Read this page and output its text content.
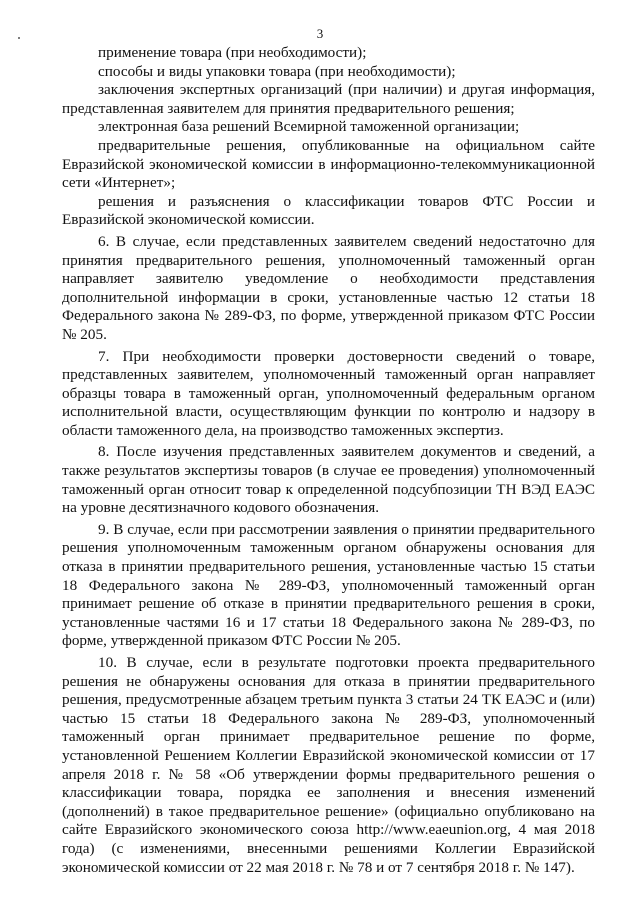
3

применение товара (при необходимости);

способы и виды упаковки товара (при необходимости);

заключения экспертных организаций (при наличии) и другая информация, представленная заявителем для принятия предварительного решения;

электронная база решений Всемирной таможенной организации;

предварительные решения, опубликованные на официальном сайте Евразийской экономической комиссии в информационно-телекоммуникационной сети «Интернет»;

решения и разъяснения о классификации товаров ФТС России и Евразийской экономической комиссии.

6. В случае, если представленных заявителем сведений недостаточно для принятия предварительного решения, уполномоченный таможенный орган направляет заявителю уведомление о необходимости представления дополнительной информации в сроки, установленные частью 12 статьи 18 Федерального закона № 289-ФЗ, по форме, утвержденной приказом ФТС России № 205.

7. При необходимости проверки достоверности сведений о товаре, представленных заявителем, уполномоченный таможенный орган направляет образцы товара в таможенный орган, уполномоченный федеральным органом исполнительной власти, осуществляющим функции по контролю и надзору в области таможенного дела, на производство таможенных экспертиз.

8. После изучения представленных заявителем документов и сведений, а также результатов экспертизы товаров (в случае ее проведения) уполномоченный таможенный орган относит товар к определенной подсубпозиции ТН ВЭД ЕАЭС на уровне десятизначного кодового обозначения.

9. В случае, если при рассмотрении заявления о принятии предварительного решения уполномоченным таможенным органом обнаружены основания для отказа в принятии предварительного решения, установленные частью 15 статьи 18 Федерального закона № 289-ФЗ, уполномоченный таможенный орган принимает решение об отказе в принятии предварительного решения в сроки, установленные частями 16 и 17 статьи 18 Федерального закона № 289-ФЗ, по форме, утвержденной приказом ФТС России № 205.

10. В случае, если в результате подготовки проекта предварительного решения не обнаружены основания для отказа в принятии предварительного решения, предусмотренные абзацем третьим пункта 3 статьи 24 ТК ЕАЭС и (или) частью 15 статьи 18 Федерального закона № 289-ФЗ, уполномоченный таможенный орган принимает предварительное решение по форме, установленной Решением Коллегии Евразийской экономической комиссии от 17 апреля 2018 г. № 58 «Об утверждении формы предварительного решения о классификации товара, порядка ее заполнения и внесения изменений (дополнений) в такое предварительное решение» (официально опубликовано на сайте Евразийского экономического союза http://www.eaeunion.org, 4 мая 2018 года) (с изменениями, внесенными решениями Коллегии Евразийской экономической комиссии от 22 мая 2018 г. № 78 и от 7 сентября 2018 г. № 147).
